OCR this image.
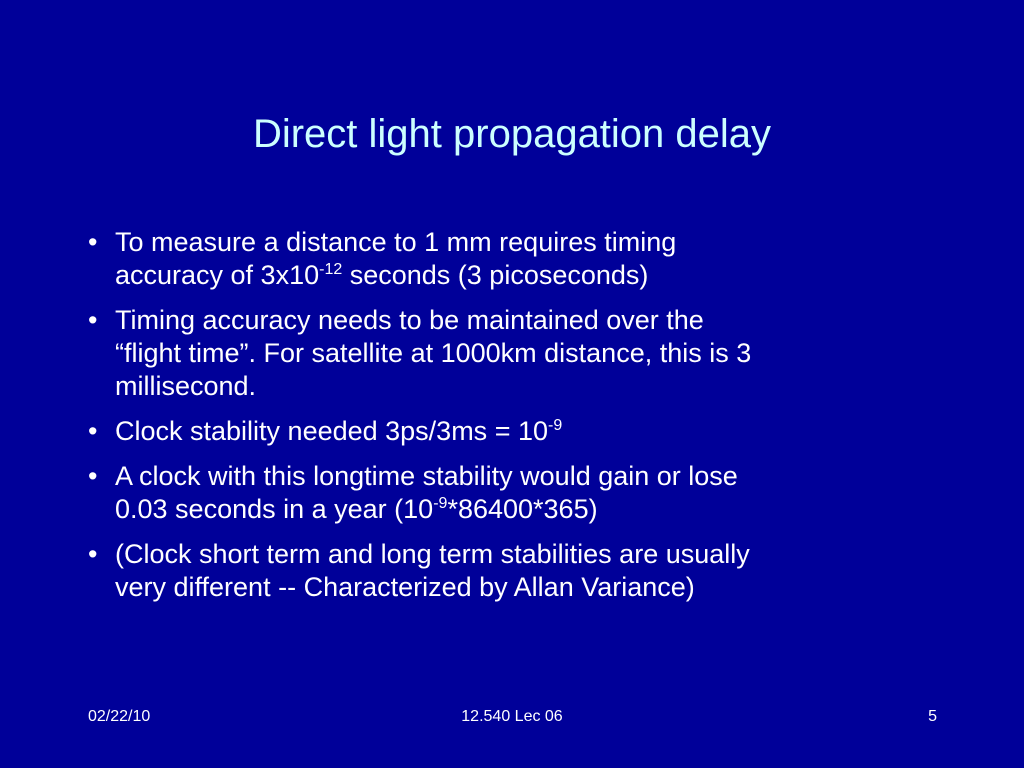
Direct light propagation delay
• To measure a distance to 1 mm requires timing
accuracy of $3x10^{-12}$ seconds (3 picoseconds)
• Timing accuracy needs to be maintained over the
“flight time”. For satellite at 1000km distance, this is 3
millisecond.
• Clock stability needed $3ps/3ms = 10^{-9}$
• A clock with this longtime stability would gain or lose
0.03 seconds in a year $(10^{-9}*86400*365)$
• (Clock short term and long term stabilities are usually
very different -- Characterized by Allan Variance)
02/22/10	12.540 Lec 06	5
